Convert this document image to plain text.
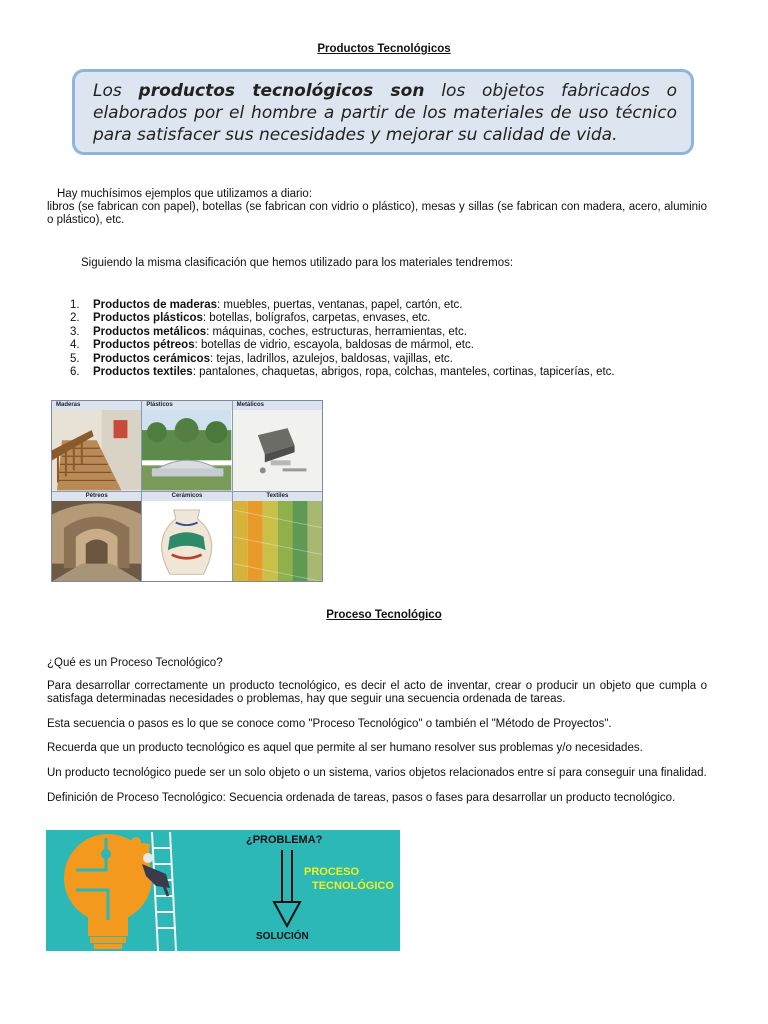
Productos Tecnológicos
Los productos tecnológicos son los objetos fabricados o elaborados por el hombre a partir de los materiales de uso técnico para satisfacer sus necesidades y mejorar su calidad de vida.
Hay muchísimos ejemplos que utilizamos a diario:
libros (se fabrican con papel), botellas (se fabrican con vidrio o plástico), mesas y sillas (se fabrican con madera, acero, aluminio o plástico), etc.
Siguiendo la misma clasificación que hemos utilizado para los materiales tendremos:
1. Productos de maderas: muebles, puertas, ventanas, papel, cartón, etc.
2. Productos plásticos: botellas, bolígrafos, carpetas, envases, etc.
3. Productos metálicos: máquinas, coches, estructuras, herramientas, etc.
4. Productos pétreos: botellas de vidrio, escayola, baldosas de mármol, etc.
5. Productos cerámicos: tejas, ladrillos, azulejos, baldosas, vajillas, etc.
6. Productos textiles: pantalones, chaquetas, abrigos, ropa, colchas, manteles, cortinas, tapicerías, etc.
Maderas	Plásticos	Metálicos
Pétreos	Cerámicos	Textiles
Proceso Tecnológico
¿Qué es un Proceso Tecnológico?
Para desarrollar correctamente un producto tecnológico, es decir el acto de inventar, crear o producir un objeto que cumpla o satisfaga determinadas necesidades o problemas, hay que seguir una secuencia ordenada de tareas.
Esta secuencia o pasos es lo que se conoce como "Proceso Tecnológico" o también el "Método de Proyectos".
Recuerda que un producto tecnológico es aquel que permite al ser humano resolver sus problemas y/o necesidades.
Un producto tecnológico puede ser un solo objeto o un sistema, varios objetos relacionados entre sí para conseguir una finalidad.
Definición de Proceso Tecnológico: Secuencia ordenada de tareas, pasos o fases para desarrollar un producto tecnológico.
¿PROBLEMA?
PROCESO
TECNOLÓGICO
SOLUCIÓN
